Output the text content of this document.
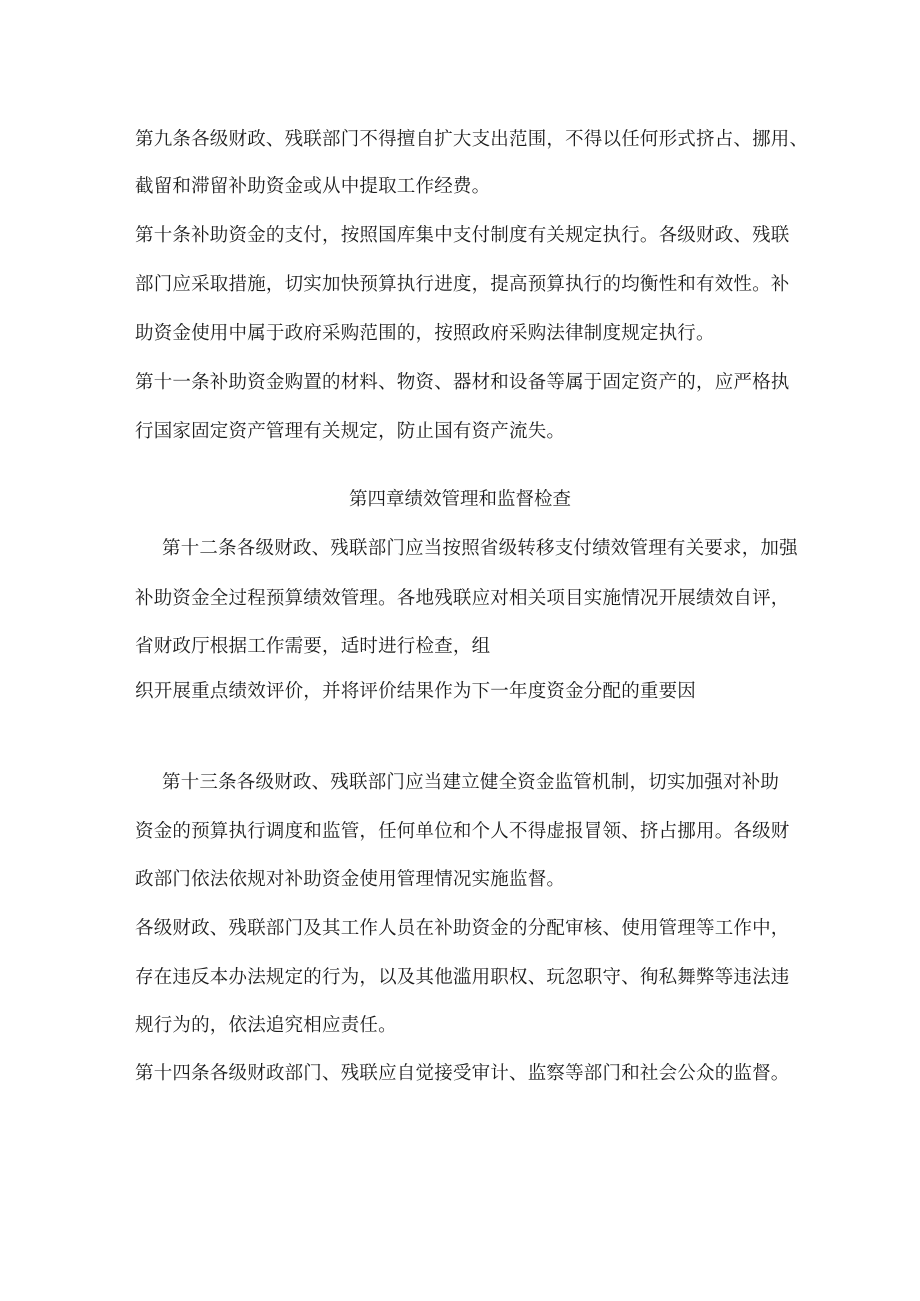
第九条各级财政、残联部门不得擅自扩大支出范围，不得以任何形式挤占、挪用、
截留和滞留补助资金或从中提取工作经费。
第十条补助资金的支付，按照国库集中支付制度有关规定执行。各级财政、残联
部门应采取措施，切实加快预算执行进度，提高预算执行的均衡性和有效性。补
助资金使用中属于政府采购范围的，按照政府采购法律制度规定执行。
第十一条补助资金购置的材料、物资、器材和设备等属于固定资产的，应严格执
行国家固定资产管理有关规定，防止国有资产流失。
第四章绩效管理和监督检查
第十二条各级财政、残联部门应当按照省级转移支付绩效管理有关要求，加强
补助资金全过程预算绩效管理。各地残联应对相关项目实施情况开展绩效自评，
省财政厅根据工作需要，适时进行检查，组
织开展重点绩效评价，并将评价结果作为下一年度资金分配的重要因
第十三条各级财政、残联部门应当建立健全资金监管机制，切实加强对补助
资金的预算执行调度和监管，任何单位和个人不得虚报冒领、挤占挪用。各级财
政部门依法依规对补助资金使用管理情况实施监督。
各级财政、残联部门及其工作人员在补助资金的分配审核、使用管理等工作中，
存在违反本办法规定的行为，以及其他滥用职权、玩忽职守、徇私舞弊等违法违
规行为的，依法追究相应责任。
第十四条各级财政部门、残联应自觉接受审计、监察等部门和社会公众的监督。
